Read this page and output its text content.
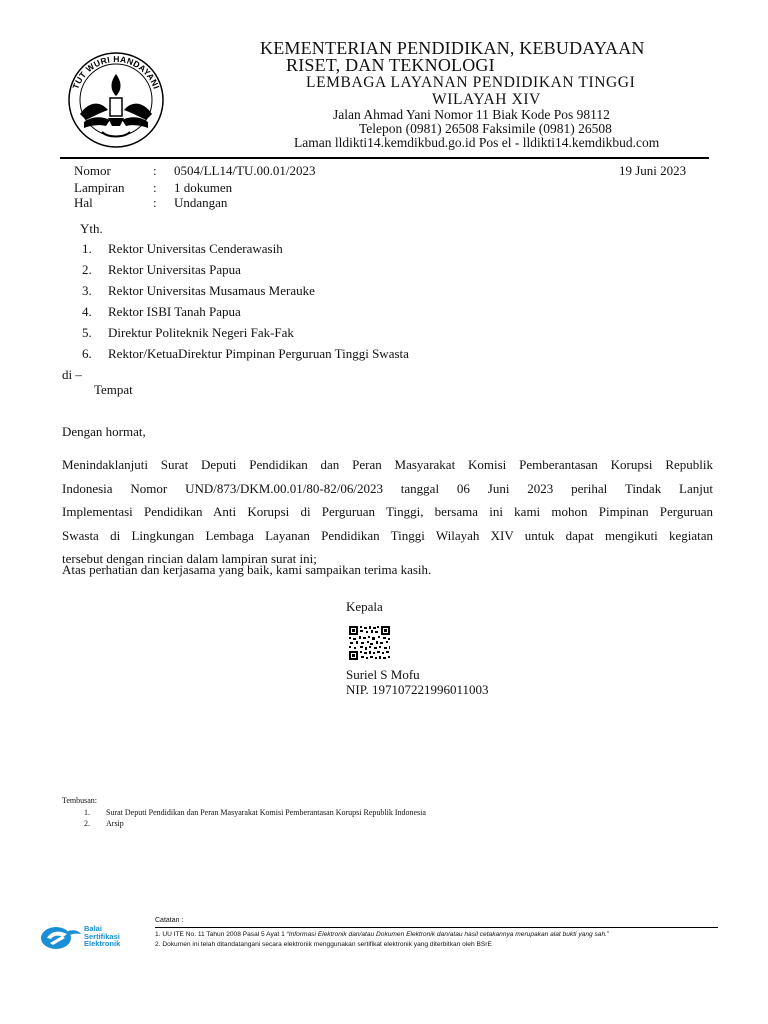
TUT WURI HANDAYANI
KEMENTERIAN PENDIDIKAN, KEBUDAYAAN
RISET, DAN TEKNOLOGI
LEMBAGA LAYANAN PENDIDIKAN TINGGI
WILAYAH XIV
Jalan Ahmad Yani Nomor 11 Biak Kode Pos 98112
Telepon (0981) 26508 Faksimile (0981) 26508
Laman lldikti14.kemdikbud.go.id Pos el - lldikti14.kemdikbud.com
Nomor	: 0504/LL14/TU.00.01/2023	19 Juni 2023
Lampiran : 1 dokumen
Hal	: Undangan
Yth.
1. Rektor Universitas Cenderawasih
2. Rektor Universitas Papua
3. Rektor Universitas Musamaus Merauke
4. Rektor ISBI Tanah Papua
5. Direktur Politeknik Negeri Fak-Fak
6. Rektor/KetuaDirektur Pimpinan Perguruan Tinggi Swasta
di –
Tempat
Dengan hormat,
Menindaklanjuti Surat Deputi Pendidikan dan Peran Masyarakat Komisi Pemberantasan Korupsi Republik
Indonesia Nomor UND/873/DKM.00.01/80-82/06/2023 tanggal 06 Juni 2023 perihal Tindak Lanjut
Implementasi Pendidikan Anti Korupsi di Perguruan Tinggi, bersama ini kami mohon Pimpinan Perguruan
Swasta di Lingkungan Lembaga Layanan Pendidikan Tinggi Wilayah XIV untuk dapat mengikuti kegiatan
tersebut dengan rincian dalam lampiran surat ini;
Atas perhatian dan kerjasama yang baik, kami sampaikan terima kasih.
Kepala
Suriel S Mofu
NIP. 197107221996011003
Tembusan:
1. Surat Deputi Pendidikan dan Peran Masyarakat Komisi Pemberantasan Korupsi Republik Indonesia
2. Arsip
Balai
Sertifikasi
Elektronik
Catatan :
1. UU ITE No. 11 Tahun 2008 Pasal 5 Ayat 1 “Informasi Elektronik dan/atau Dokumen Elektronik dan/atau hasil cetakannya merupakan alat bukti yang sah.”
2. Dokumen ini telah ditandatangani secara elektronik menggunakan sertifikat elektronik yang diterbitkan oleh BSrE
